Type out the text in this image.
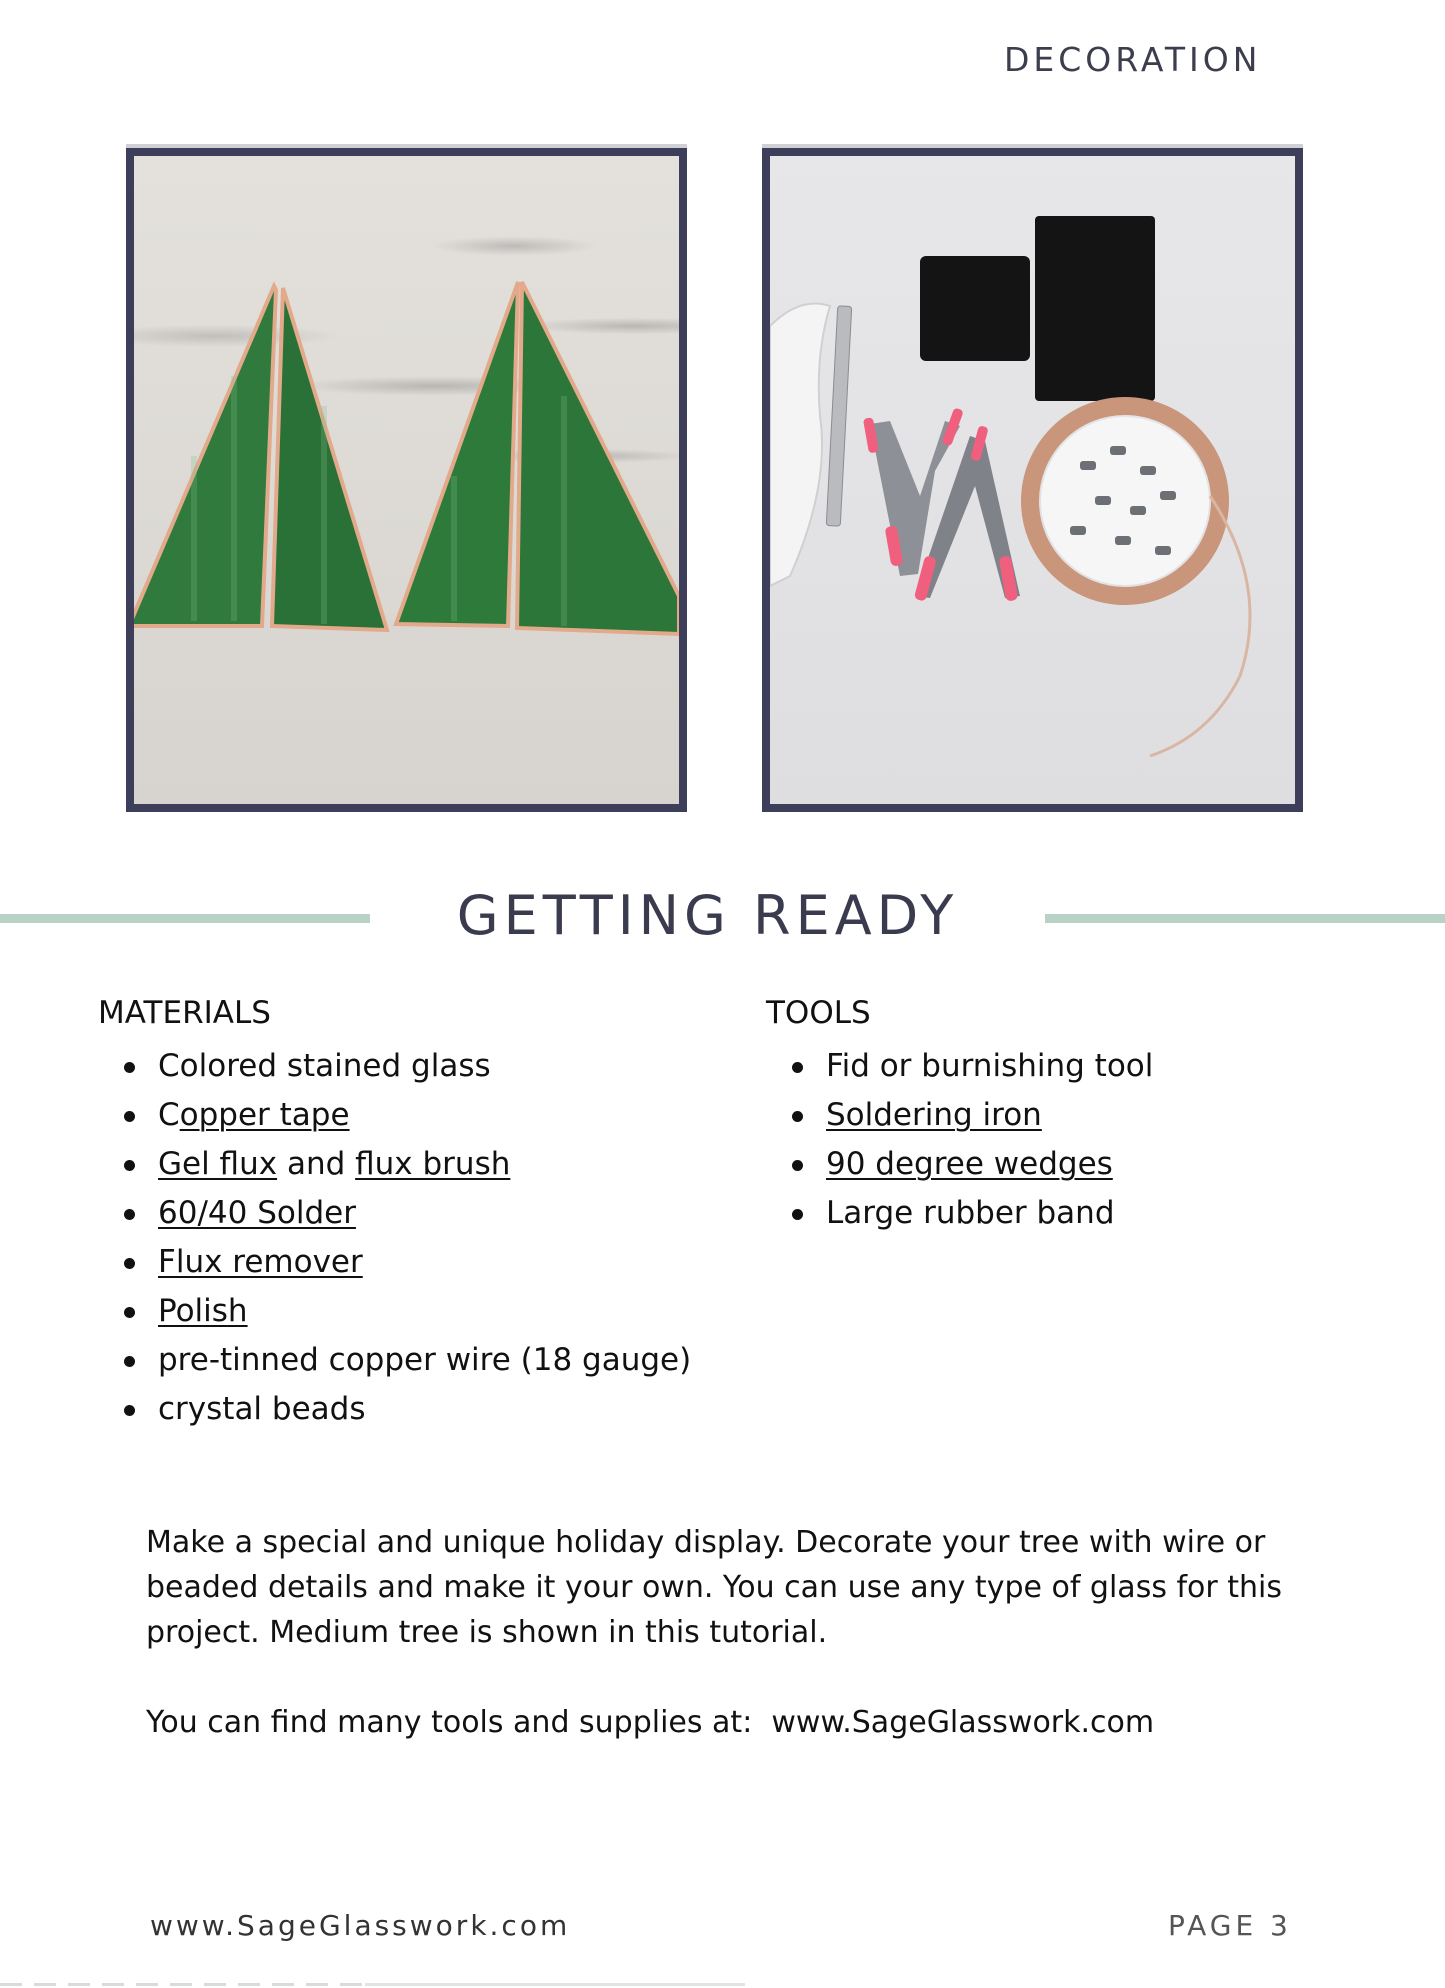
DECORATION
GETTING READY
MATERIALS
Colored stained glass
Copper tape
Gel flux and flux brush
60/40 Solder
Flux remover
Polish
pre-tinned copper wire (18 gauge)
crystal beads
TOOLS
Fid or burnishing tool
Soldering iron
90 degree wedges
Large rubber band

Make a special and unique holiday display. Decorate your tree with wire or beaded details and make it your own. You can use any type of glass for this project. Medium tree is shown in this tutorial.

You can find many tools and supplies at:  www.SageGlasswork.com

www.SageGlasswork.com	PAGE 3
